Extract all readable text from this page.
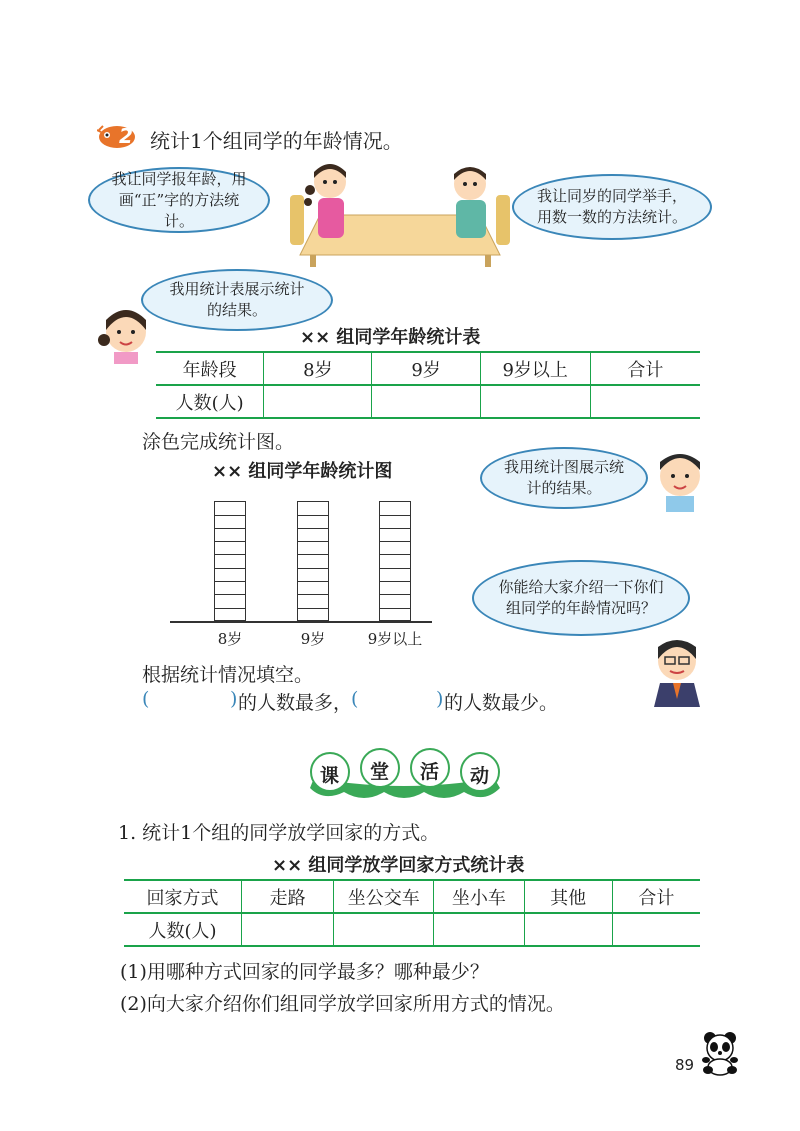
2 统计1个组同学的年龄情况。
我让同学报年龄，用画“正”字的方法统计。
我让同岁的同学举手，用数一数的方法统计。
我用统计表展示统计的结果。
×× 组同学年龄统计表
年龄段	8岁	9岁	9岁以上	合计
人数(人)				
涂色完成统计图。
×× 组同学年龄统计图
8岁	9岁	9岁以上
我用统计图展示统计的结果。
你能给大家介绍一下你们组同学的年龄情况吗？
根据统计情况填空。
(	) 的人数最多，
(	) 的人数最少。
课 堂 活 动
1. 统计1个组的同学放学回家的方式。
×× 组同学放学回家方式统计表
回家方式	走路	坐公交车	坐小车	其他	合计
人数(人)					
(1)用哪种方式回家的同学最多？哪种最少？
(2)向大家介绍你们组同学放学回家所用方式的情况。
89
